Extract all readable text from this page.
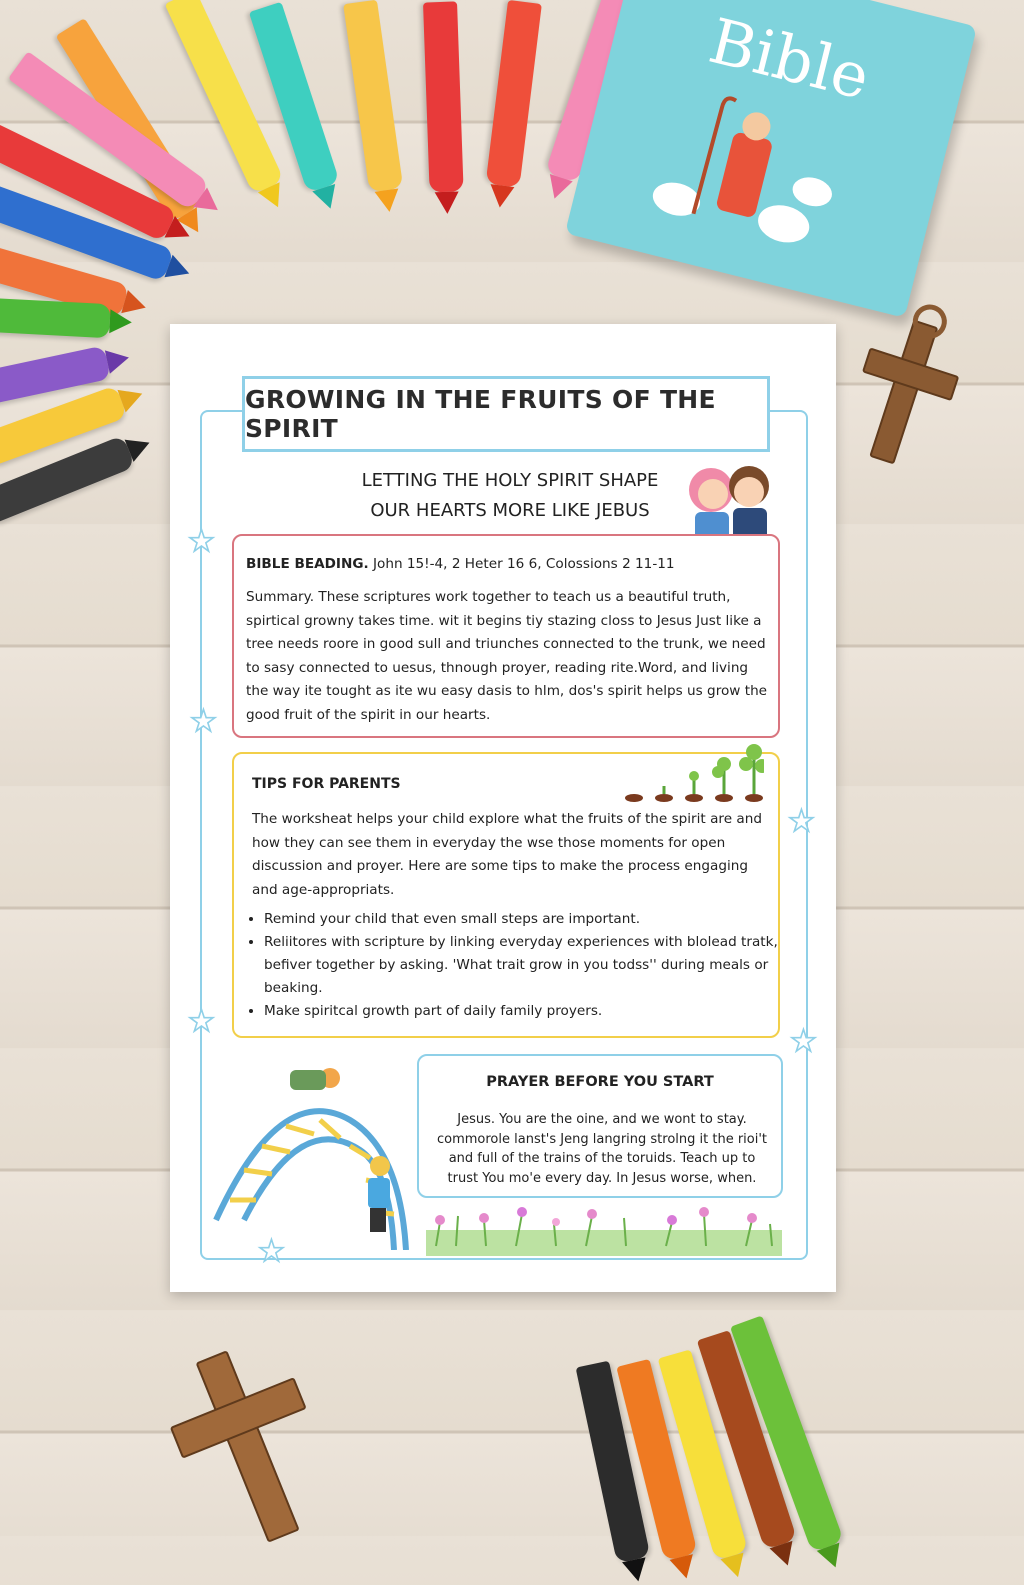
Bible
★
★
★
★
★
★
GROWING IN THE FRUITS OF THE SPIRIT
LETTING THE HOLY SPIRIT SHAPE
OUR HEARTS MORE LIKE JEBUS
BIBLE BEADING. John 15!-4, 2 Heter 16 6, Colossions 2 11-11
Summary. These scriptures work together to teach us a beautiful truth, spirtical growny takes time. wit it begins tiy stazing closs to Jesus Just like a tree needs roore in good sull and triunches connected to the trunk, we need to sasy connected to uesus, thnough proyer, reading rite.Word, and living the way ite tought as ite wu easy dasis to hlm, dos's spirit helps us grow the good fruit of the spirit in our hearts.
TIPS FOR PARENTS
The worksheat helps your child explore what the fruits of the spirit are and how they can see them in everyday the wse those moments for open discussion and proyer. Here are some tips to make the process engaging and age-appropriats.
• Remind your child that even small steps are important.
• Reliitores with scripture by linking everyday experiences with blolead tratk, befiver together by asking. 'What trait grow in you todss'' during meals or beaking.
• Make spiritcal growth part of daily family proyers.
PRAYER BEFORE YOU START
Jesus. You are the oine, and we wont to stay. commorole lanst's Jeng langring strolng it the rioi't and full of the trains of the toruids. Teach up to trust You mo'e every day. In Jesus worse, when.
